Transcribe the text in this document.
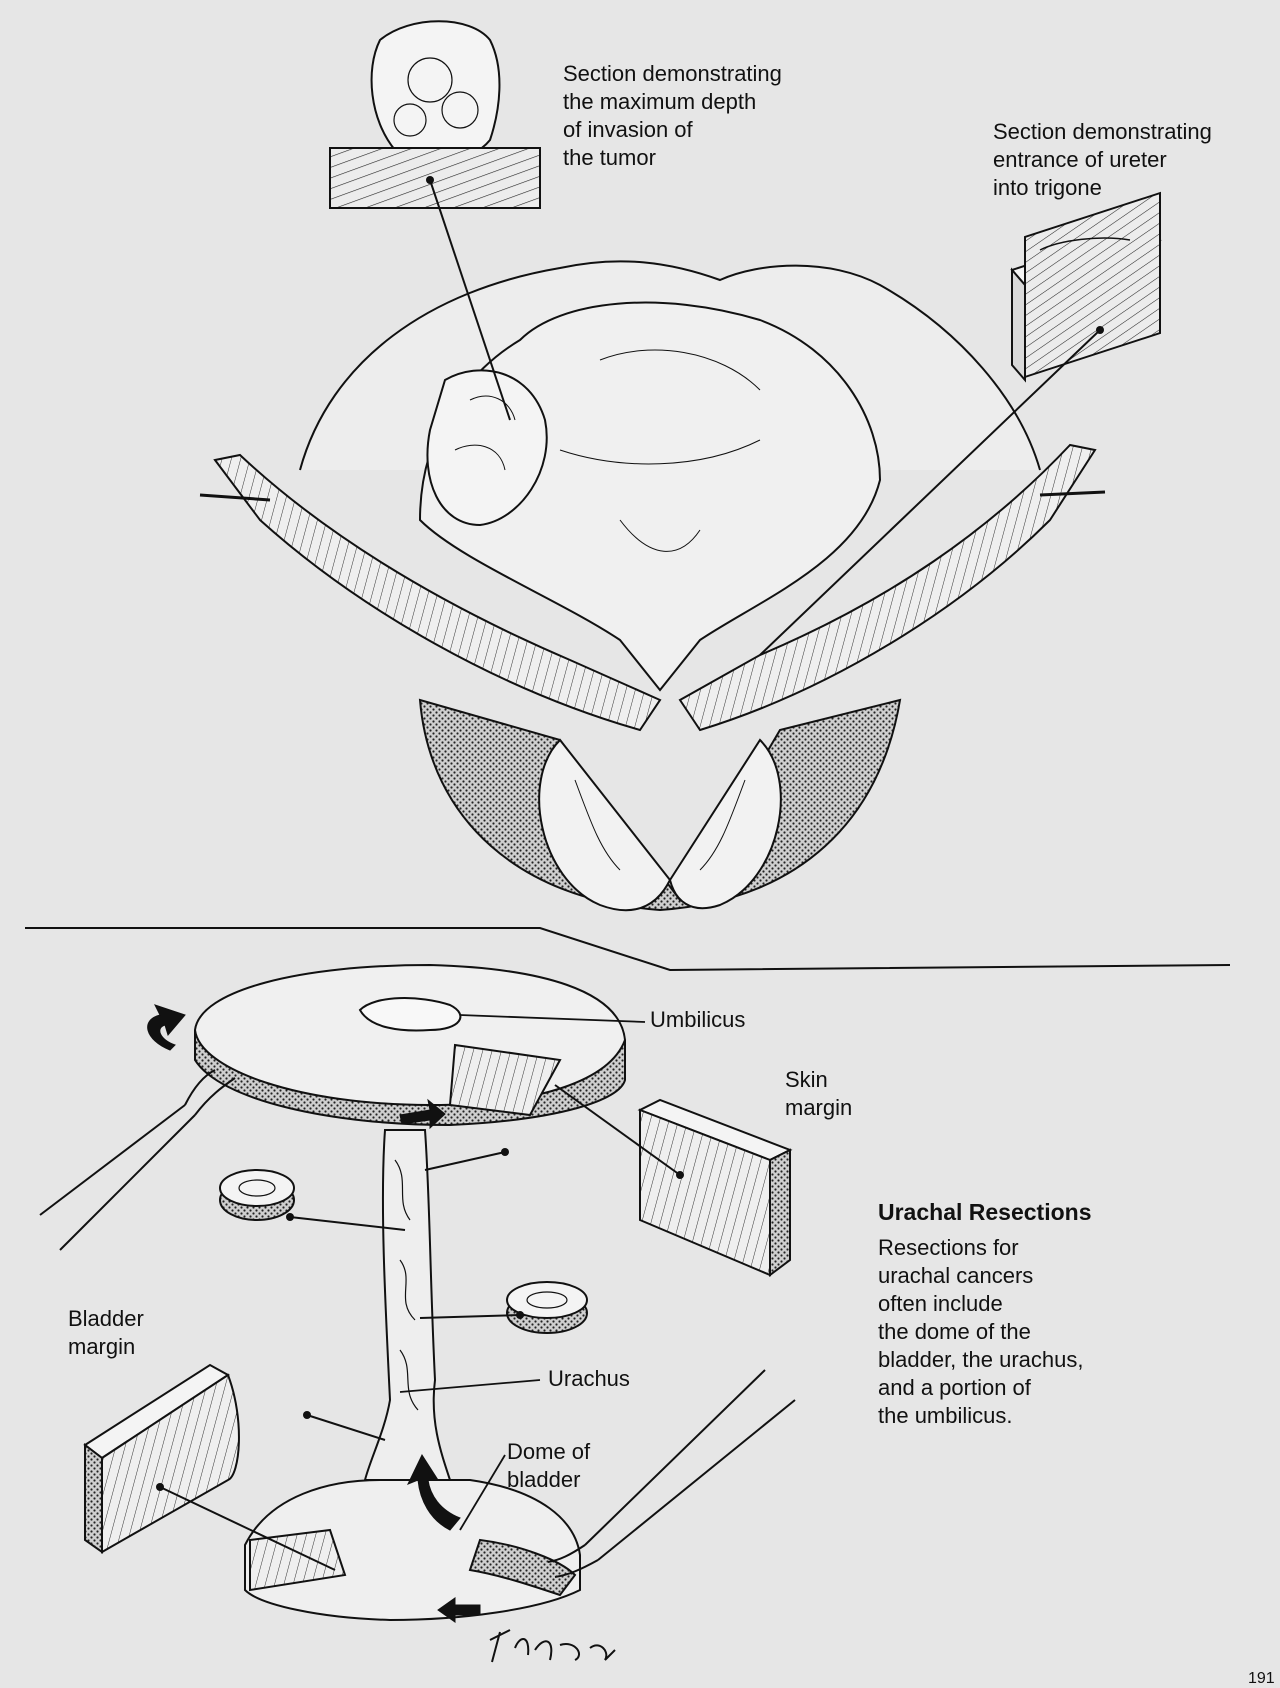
Section demonstrating
the maximum depth
of invasion of
the tumor
Section demonstrating
entrance of ureter
into trigone
Umbilicus
Skin
margin
Bladder
margin
Urachus
Dome of
bladder
Urachal Resections
Resections for
urachal cancers
often include
the dome of the
bladder, the urachus,
and a portion of
the umbilicus.
191
